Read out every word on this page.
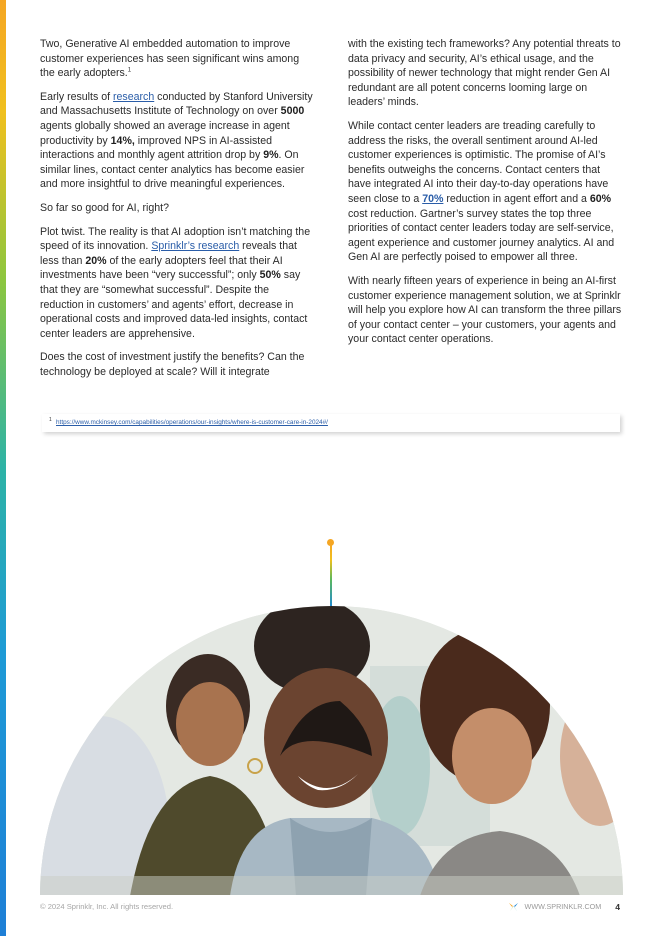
Two, Generative AI embedded automation to improve customer experiences has seen significant wins among the early adopters.$^1$

Early results of research conducted by Stanford University and Massachusetts Institute of Technology on over 5000 agents globally showed an average increase in agent productivity by 14%, improved NPS in AI-assisted interactions and monthly agent attrition drop by 9%. On similar lines, contact center analytics has become easier and more insightful to drive meaningful experiences.

So far so good for AI, right?

Plot twist. The reality is that AI adoption isn’t matching the speed of its innovation. Sprinklr’s research reveals that less than 20% of the early adopters feel that their AI investments have been “very successful”; only 50% say that they are “somewhat successful”. Despite the reduction in customers’ and agents’ effort, decrease in operational costs and improved data-led insights, contact center leaders are apprehensive.

Does the cost of investment justify the benefits? Can the technology be deployed at scale? Will it integrate

with the existing tech frameworks? Any potential threats to data privacy and security, AI’s ethical usage, and the possibility of newer technology that might render Gen AI redundant are all potent concerns looming large on leaders’ minds.

While contact center leaders are treading carefully to address the risks, the overall sentiment around AI-led customer experiences is optimistic. The promise of AI’s benefits outweighs the concerns. Contact centers that have integrated AI into their day-to-day operations have seen close to a 70% reduction in agent effort and a 60% cost reduction. Gartner’s survey states the top three priorities of contact center leaders today are self-service, agent experience and customer journey analytics. AI and Gen AI are perfectly poised to empower all three.

With nearly fifteen years of experience in being an AI-first customer experience management solution, we at Sprinklr will help you explore how AI can transform the three pillars of your contact center – your customers, your agents and your contact center operations.

1 https://www.mckinsey.com/capabilities/operations/our-insights/where-is-customer-care-in-2024#/
© 2024 Sprinklr, Inc. All rights reserved.	WWW.SPRINKLR.COM 4
